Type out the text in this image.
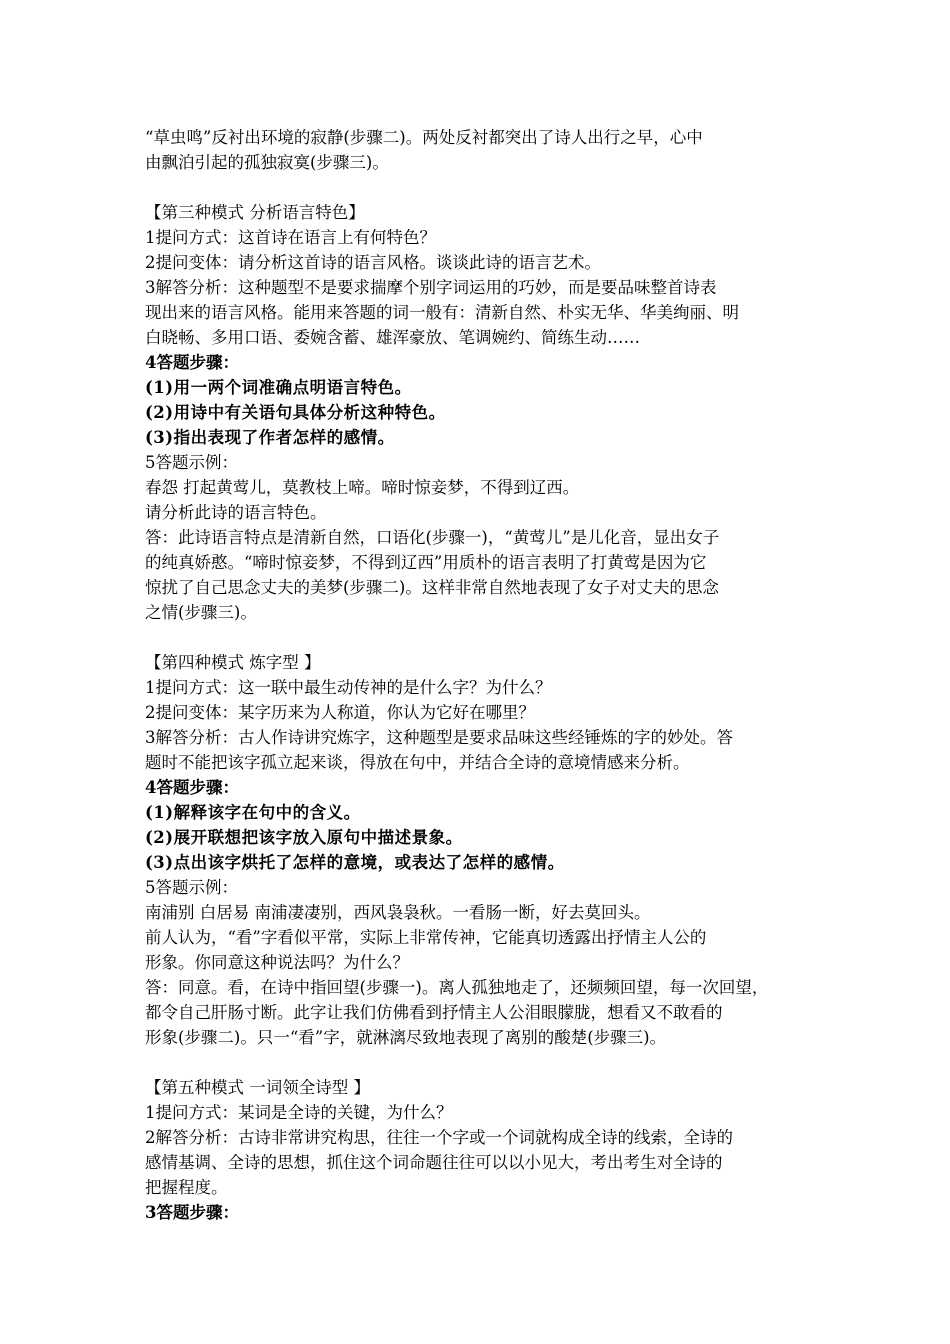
“草虫鸣”反衬出环境的寂静(步骤二)。两处反衬都突出了诗人出行之早，心中
由飘泊引起的孤独寂寞(步骤三)。
【第三种模式 分析语言特色】
1提问方式：这首诗在语言上有何特色？
2提问变体：请分析这首诗的语言风格。谈谈此诗的语言艺术。
3解答分析：这种题型不是要求揣摩个别字词运用的巧妙，而是要品味整首诗表
现出来的语言风格。能用来答题的词一般有：清新自然、朴实无华、华美绚丽、明
白晓畅、多用口语、委婉含蓄、雄浑豪放、笔调婉约、简练生动……
4答题步骤：
(1)用一两个词准确点明语言特色。
(2)用诗中有关语句具体分析这种特色。
(3)指出表现了作者怎样的感情。
5答题示例：
春怨 打起黄莺儿，莫教枝上啼。啼时惊妾梦，不得到辽西。
请分析此诗的语言特色。
答：此诗语言特点是清新自然，口语化(步骤一)，“黄莺儿”是儿化音，显出女子
的纯真娇憨。“啼时惊妾梦，不得到辽西”用质朴的语言表明了打黄莺是因为它
惊扰了自己思念丈夫的美梦(步骤二)。这样非常自然地表现了女子对丈夫的思念
之情(步骤三)。
【第四种模式 炼字型 】
1提问方式：这一联中最生动传神的是什么字？为什么？
2提问变体：某字历来为人称道，你认为它好在哪里？
3解答分析：古人作诗讲究炼字，这种题型是要求品味这些经锤炼的字的妙处。答
题时不能把该字孤立起来谈，得放在句中，并结合全诗的意境情感来分析。
4答题步骤：
(1)解释该字在句中的含义。
(2)展开联想把该字放入原句中描述景象。
(3)点出该字烘托了怎样的意境，或表达了怎样的感情。
5答题示例：
南浦别 白居易 南浦凄凄别，西风袅袅秋。一看肠一断，好去莫回头。
前人认为，“看”字看似平常，实际上非常传神，它能真切透露出抒情主人公的
形象。你同意这种说法吗？为什么？
答：同意。看，在诗中指回望(步骤一)。离人孤独地走了，还频频回望，每一次回望，
都令自己肝肠寸断。此字让我们仿佛看到抒情主人公泪眼朦胧，想看又不敢看的
形象(步骤二)。只一“看”字，就淋漓尽致地表现了离别的酸楚(步骤三)。
【第五种模式 一词领全诗型 】
1提问方式：某词是全诗的关键，为什么？
2解答分析：古诗非常讲究构思，往往一个字或一个词就构成全诗的线索，全诗的
感情基调、全诗的思想，抓住这个词命题往往可以以小见大，考出考生对全诗的
把握程度。
3答题步骤：
